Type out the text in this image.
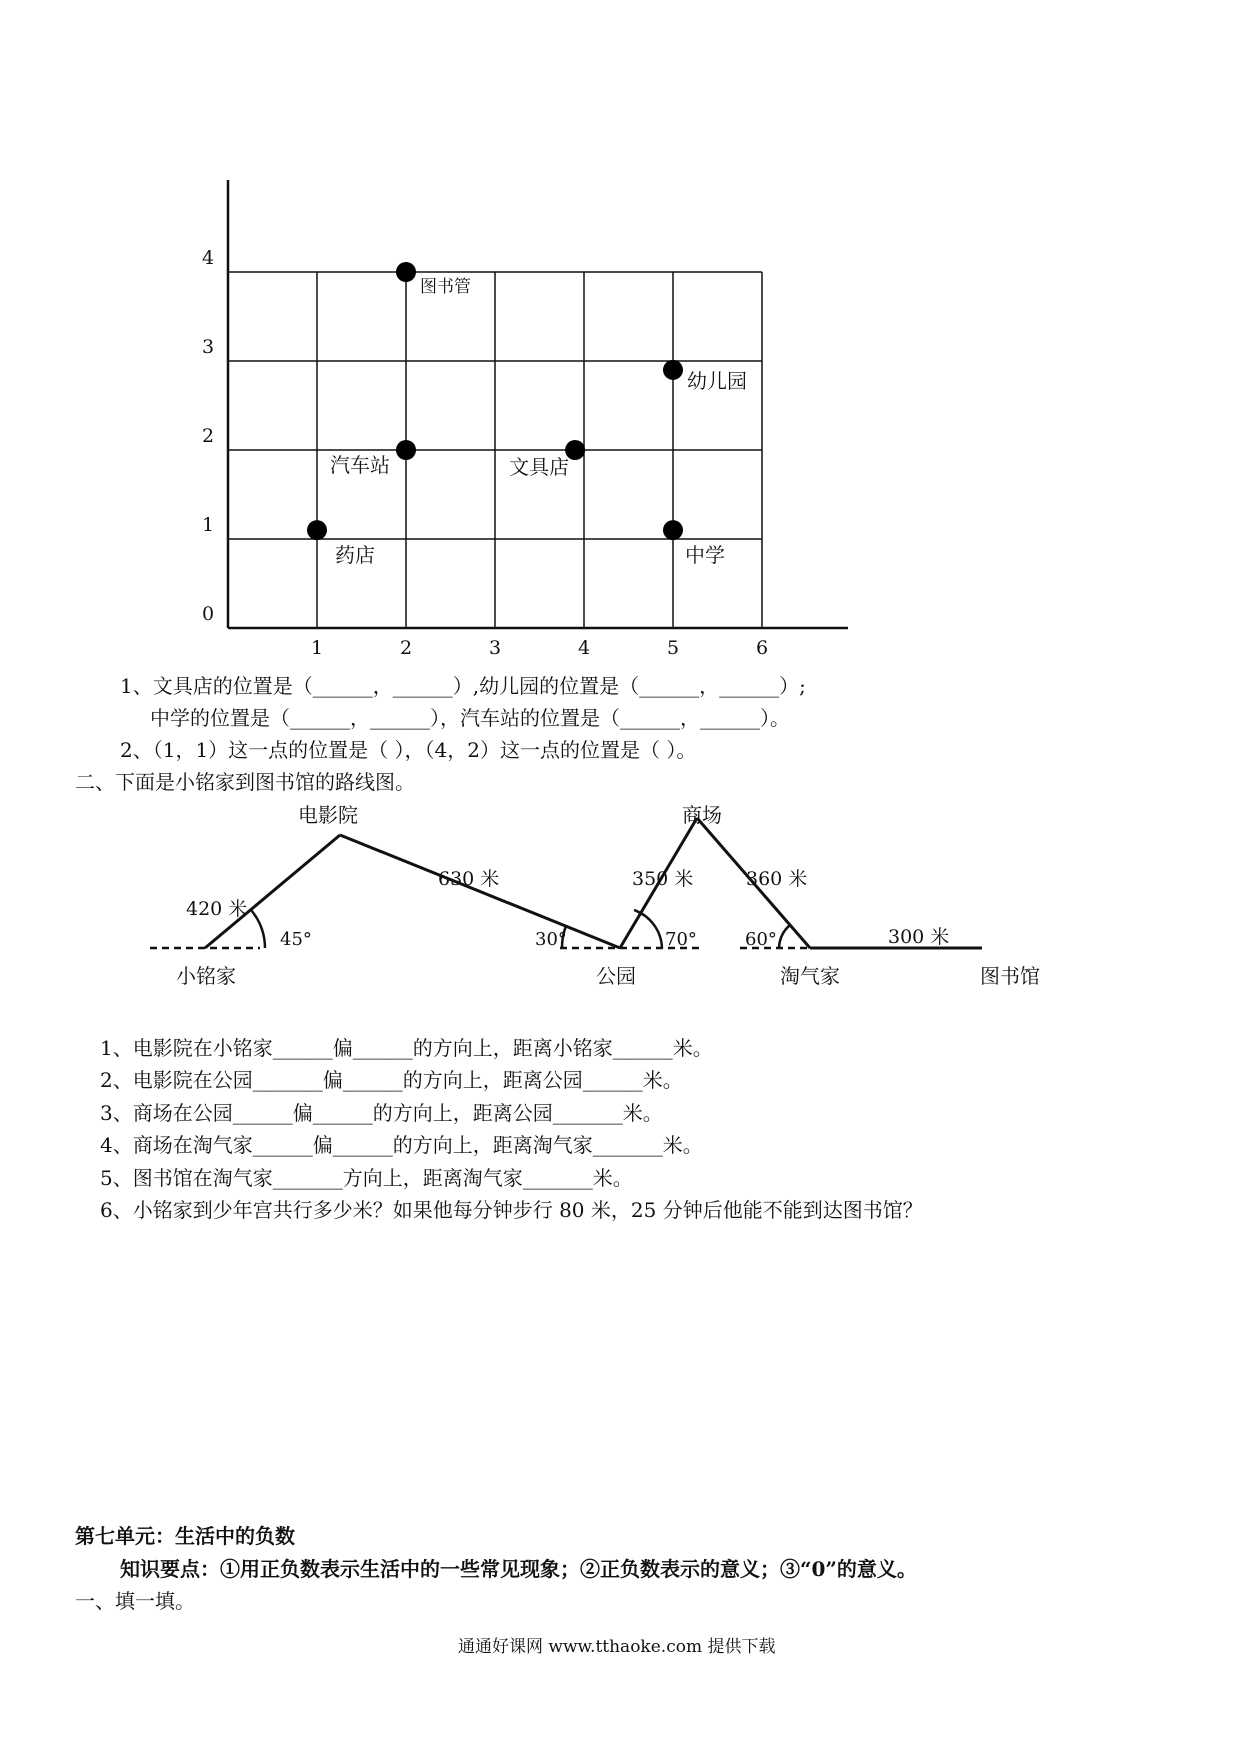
1	2	3	4	5	6
0
1
2
3
4
图书管
幼儿园
汽车站	文具店
药店	中学
1、文具店的位置是（______，______）,幼儿园的位置是（______，______）;
中学的位置是（______，______），汽车站的位置是（______，______）。
2、（1，1）这一点的位置是（ ），（4，2）这一点的位置是（ ）。
二、下面是小铭家到图书馆的路线图。
电影院	商场
小铭家	公园	淘气家	图书馆
420 米
630 米	350 米	360 米
300 米
45°	30°	70°	60°
1、电影院在小铭家______偏______的方向上，距离小铭家______米。
2、电影院在公园_______偏______的方向上，距离公园______米。
3、商场在公园______偏______的方向上，距离公园_______米。
4、商场在淘气家______偏______的方向上，距离淘气家_______米。
5、图书馆在淘气家_______方向上，距离淘气家_______米。
6、小铭家到少年宫共行多少米？如果他每分钟步行 80 米，25 分钟后他能不能到达图书馆？
第七单元：生活中的负数
知识要点：①用正负数表示生活中的一些常见现象；②正负数表示的意义；③“0”的意义。
一、填一填。
通通好课网 www.tthaoke.com 提供下载
